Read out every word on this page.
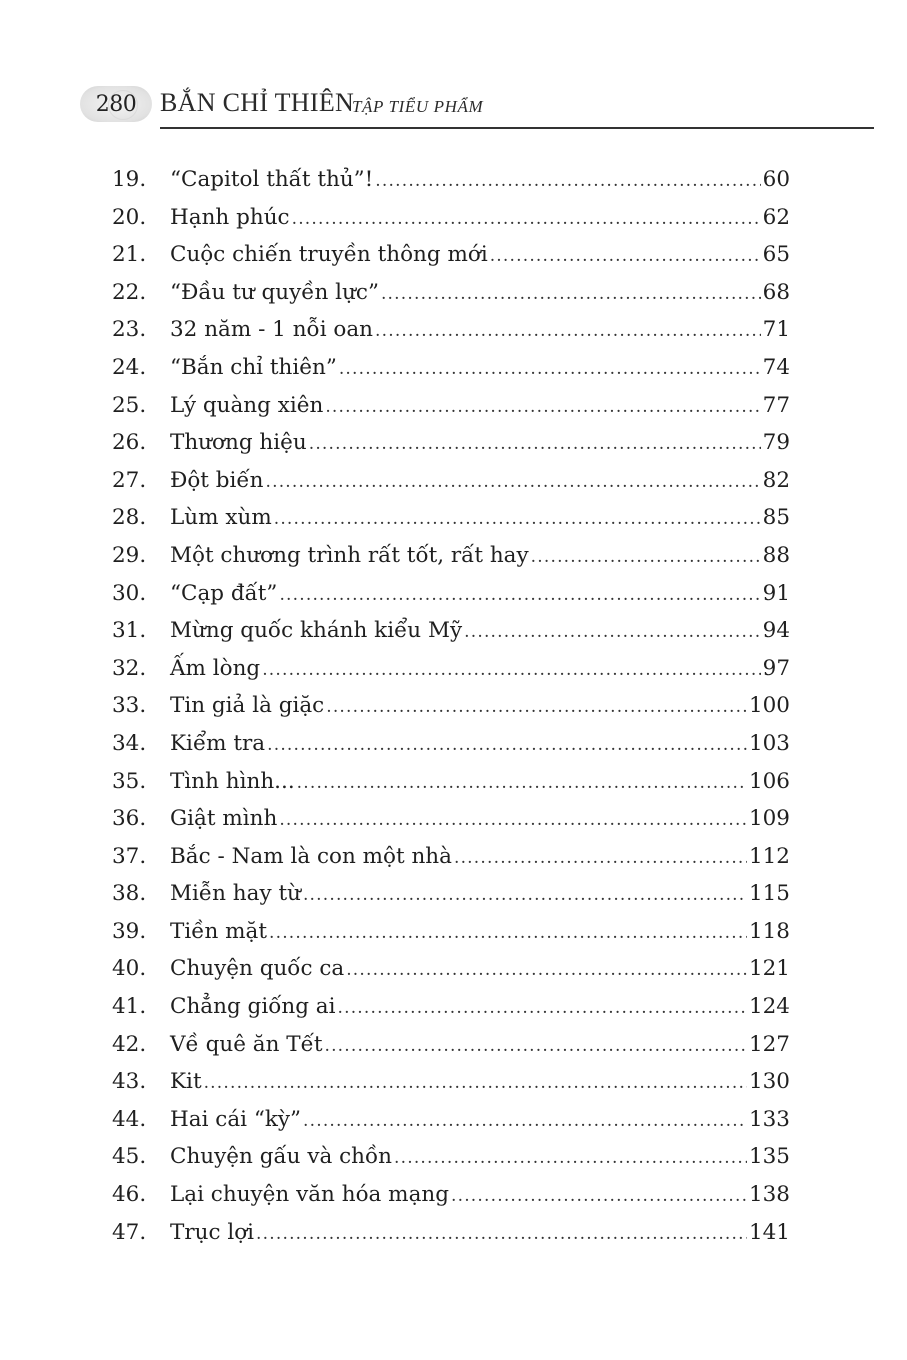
280 BẮN CHỈ THIÊN
TẬP TIỂU PHẨM
19.	“Capitol thất thủ”! .....	60
20.	Hạnh phúc .....	62
21.	Cuộc chiến truyền thông mới .....	65
22.	“Đầu tư quyền lực” .....	68
23.	32 năm - 1 nỗi oan .....	71
24.	“Bắn chỉ thiên” .....	74
25.	Lý quàng xiên .....	77
26.	Thương hiệu .....	79
27.	Đột biến .....	82
28.	Lùm xùm .....	85
29.	Một chương trình rất tốt, rất hay .....	88
30.	“Cạp đất” .....	91
31.	Mừng quốc khánh kiểu Mỹ .....	94
32.	Ấm lòng .....	97
33.	Tin giả là giặc .....	100
34.	Kiểm tra .....	103
35.	Tình hình... .....	106
36.	Giật mình .....	109
37.	Bắc - Nam là con một nhà .....	112
38.	Miễn hay từ .....	115
39.	Tiền mặt .....	118
40.	Chuyện quốc ca .....	121
41.	Chẳng giống ai .....	124
42.	Về quê ăn Tết .....	127
43.	Kit .....	130
44.	Hai cái “kỳ” .....	133
45.	Chuyện gấu và chồn .....	135
46.	Lại chuyện văn hóa mạng .....	138
47.	Trục lợi .....	141
